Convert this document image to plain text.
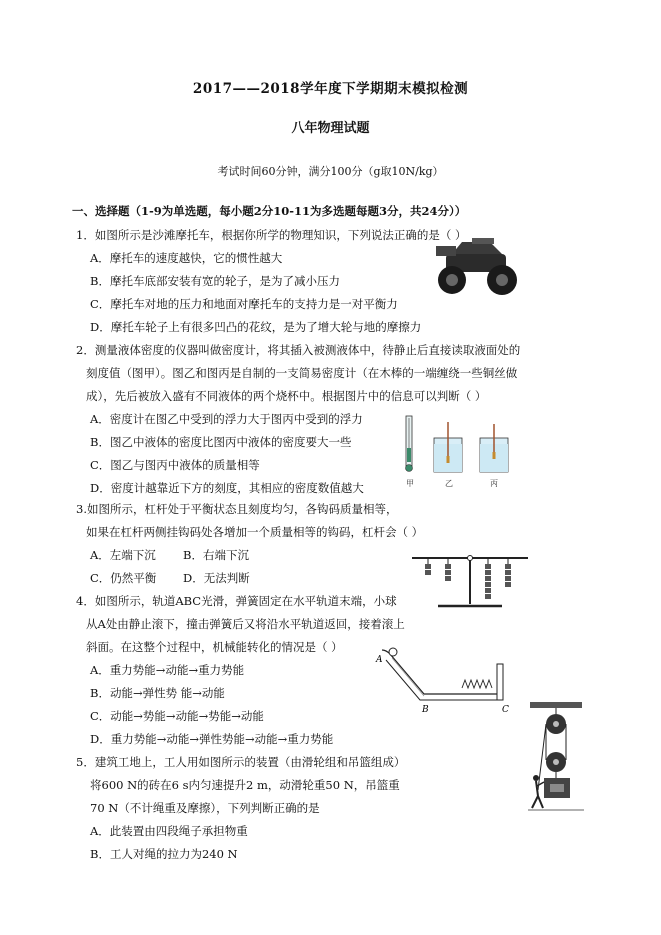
2017——2018学年度下学期期末模拟检测
八年物理试题
考试时间60分钟，满分100分（g取10N/kg）
一、选择题（1-9为单选题，每小题2分10-11为多选题每题3分，共24分））
1．如图所示是沙滩摩托车，根据你所学的物理知识，下列说法正确的是（ ）
A．摩托车的速度越快，它的惯性越大
B．摩托车底部安装有宽的轮子，是为了减小压力
C．摩托车对地的压力和地面对摩托车的支持力是一对平衡力
D．摩托车轮子上有很多凹凸的花纹，是为了增大轮与地的摩擦力
2．测量液体密度的仪器叫做密度计，将其插入被测液体中，待静止后直接读取液面处的
刻度值（图甲）。图乙和图丙是自制的一支简易密度计（在木棒的一端缠绕一些铜丝做
成），先后被放入盛有不同液体的两个烧杯中。根据图片中的信息可以判断（ ）
A．密度计在图乙中受到的浮力大于图丙中受到的浮力
B．图乙中液体的密度比图丙中液体的密度要大一些
C．图乙与图丙中液体的质量相等
D．密度计越靠近下方的刻度，其相应的密度数值越大	甲	乙	丙
3.如图所示，杠杆处于平衡状态且刻度均匀，各钩码质量相等，
如果在杠杆两侧挂钩码处各增加一个质量相等的钩码，杠杆会（ ）
A．左端下沉 B．右端下沉
C．仍然平衡 D．无法判断
4．如图所示，轨道ABC光滑，弹簧固定在水平轨道末端，小球
从A处由静止滚下，撞击弹簧后又将沿水平轨道返回，接着滚上
斜面。在这整个过程中，机械能转化的情况是（ ）
A．重力势能→动能→重力势能
B．动能→弹性势 能→动能
C．动能→势能→动能→势能→动能
D．重力势能→动能→弹性势能→动能→重力势能
A
B	C
5．建筑工地上，工人用如图所示的装置（由滑轮组和吊篮组成）
将600 N的砖在6 s内匀速提升2 m，动滑轮重50 N，吊篮重
70 N（不计绳重及摩擦），下列判断正确的是
A．此装置由四段绳子承担物重
B．工人对绳的拉力为240 N
